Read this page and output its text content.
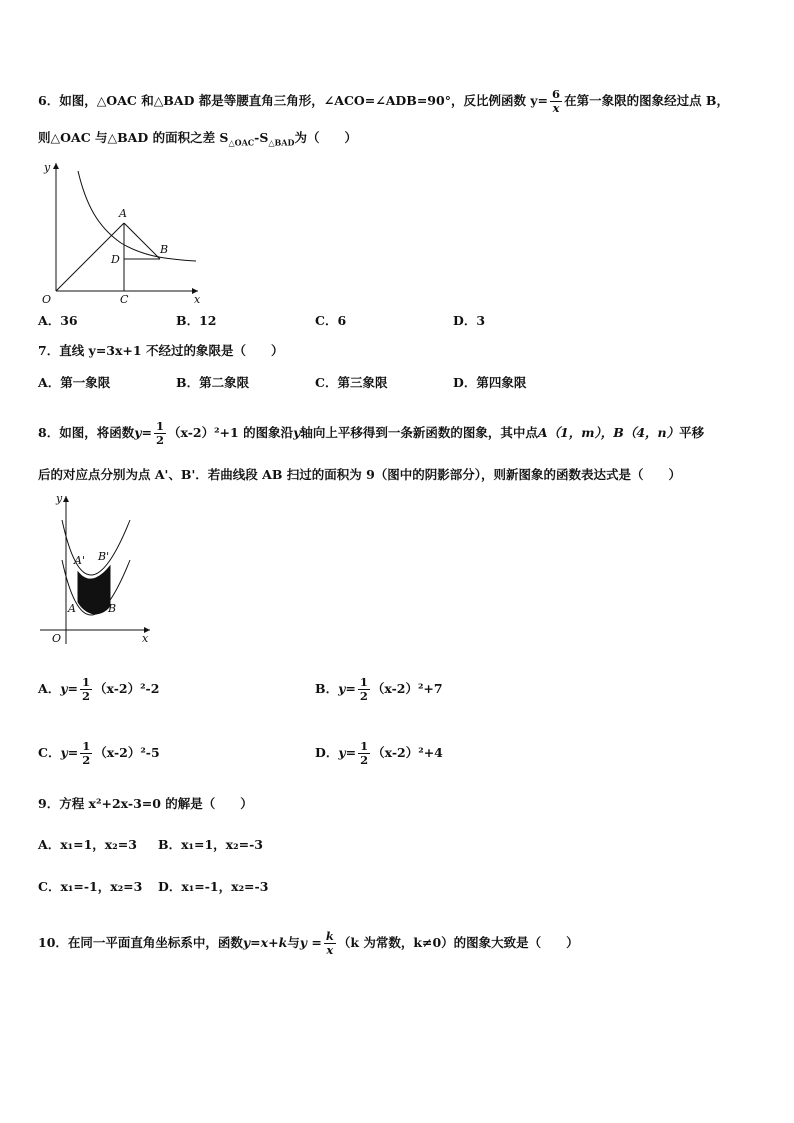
6．如图，△OAC 和△BAD 都是等腰直角三角形，∠ACO=∠ADB=90°，反比例函数 $y= \frac{6}{x}$ 在第一象限的图象经过点 B，
则△OAC 与△BAD 的面积之差 $S_{\triangle OAC}-S_{\triangle BAD}$为（　　）
y
x
O
A
B
C
D
A．36	B．12	C．6	D．3
7．直线 y=3x+1 不经过的象限是（　　）
A．第一象限	B．第二象限	C．第三象限	D．第四象限
8．如图，将函数$y= \frac{1}{2} (x-2)^2+1$ 的图象沿y轴向上平移得到一条新函数的图象，其中点A（1，m），B（4，n）平移
后的对应点分别为点 A'、B'．若曲线段 AB 扫过的面积为 9（图中的阴影部分），则新图象的函数表达式是（　　）
y
x
O
A	B
A' B'
A．$y= \frac{1}{2} (x-2)^2-2$	B．$y= \frac{1}{2} (x-2)^2+7$
C．$y= \frac{1}{2} (x-2)^2-5$	D．$y= \frac{1}{2} (x-2)^2+4$
9．方程 x²+2x-3=0 的解是（　　）
A．x₁=1，x₂=3 B．x₁=1，x₂=-3
C．x₁=-1，x₂=3 D．x₁=-1，x₂=-3
10．在同一平面直角坐标系中，函数y=x+k与$y = \frac{k}{x} (k$ 为常数，k≠0）的图象大致是（　　）
